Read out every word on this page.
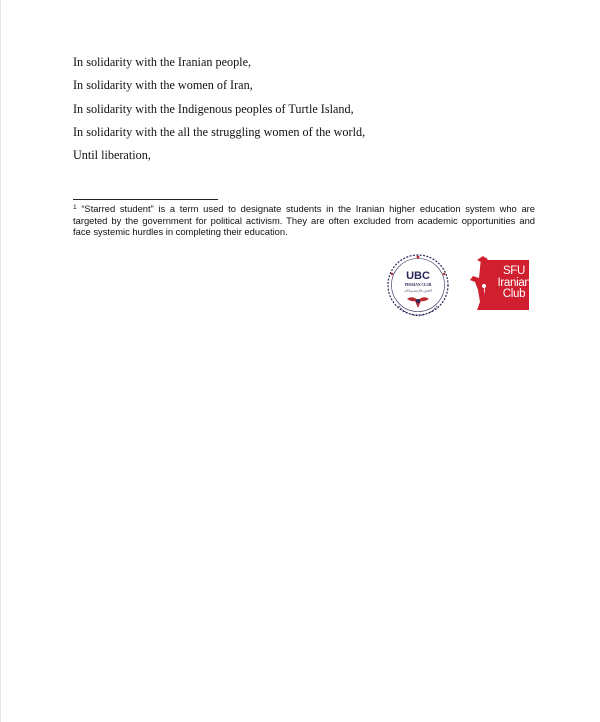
In solidarity with the Iranian people,
In solidarity with the women of Iran,
In solidarity with the Indigenous peoples of Turtle Island,
In solidarity with the all the struggling women of the world,
Until liberation,
$^1$ “Starred student” is a term used to designate students in the Iranian higher education system who are targeted by the government for political activism. They are often excluded from academic opportunities and face systemic hurdles in completing their education.
UBC
PERSIAN CLUB
انجمن فارسی‌زبانان
SFU
Iranian
Club
